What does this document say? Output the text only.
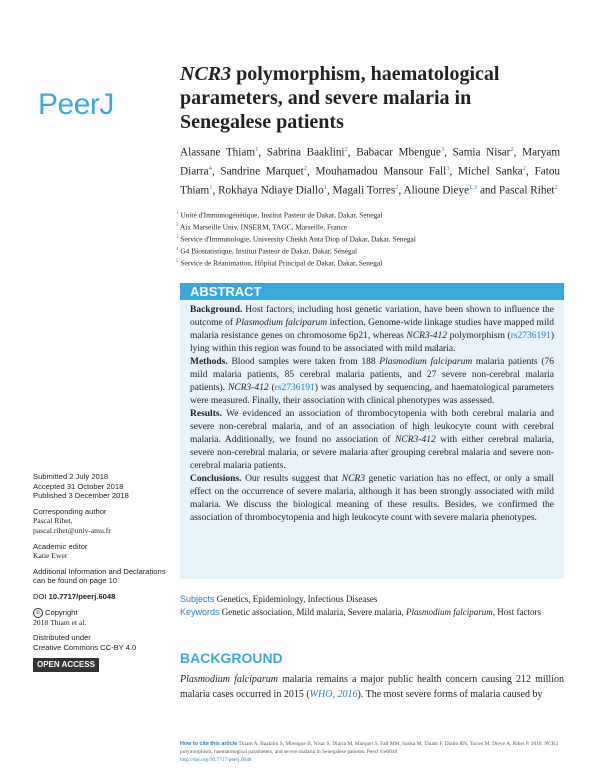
PeerJ
NCR3 polymorphism, haematological parameters, and severe malaria in Senegalese patients
Alassane Thiam$^1$, Sabrina Baaklini$^2$, Babacar Mbengue$^3$, Samia Nisar$^2$, Maryam Diarra$^4$, Sandrine Marquet$^2$, Mouhamadou Mansour Fall$^3$, Michel Sanka$^2$, Fatou Thiam$^1$, Rokhaya Ndiaye Diallo$^1$, Magali Torres$^2$, Alioune Dieye$^{1,3}$ and Pascal Rihet$^2$
$^1$ Unité d'Immunogénétique, Institut Pasteur de Dakar, Dakar, Senegal
$^2$ Aix Marseille Univ, INSERM, TAGC, Marseille, France
$^3$ Service d'Immunologie, University Cheikh Anta Diop of Dakar, Dakar, Senegal
$^4$ G4 Biostatistique, Institut Pasteur de Dakar, Dakar, Sénégal
$^5$ Service de Réanimation, Hôpital Principal de Dakar, Dakar, Senegal
ABSTRACT

Background. Host factors, including host genetic variation, have been shown to influence the outcome of Plasmodium falciparum infection. Genome-wide linkage studies have mapped mild malaria resistance genes on chromosome 6p21, whereas NCR3-412 polymorphism (rs2736191) lying within this region was found to be associated with mild malaria.

Methods. Blood samples were taken from 188 Plasmodium falciparum malaria patients (76 mild malaria patients, 85 cerebral malaria patients, and 27 severe non-cerebral malaria patients). NCR3-412 (rs2736191) was analysed by sequencing, and haematological parameters were measured. Finally, their association with clinical phenotypes was assessed.

Results. We evidenced an association of thrombocytopenia with both cerebral malaria and severe non-cerebral malaria, and of an association of high leukocyte count with cerebral malaria. Additionally, we found no association of NCR3-412 with either cerebral malaria, severe non-cerebral malaria, or severe malaria after grouping cerebral malaria and severe non-cerebral malaria patients.

Conclusions. Our results suggest that NCR3 genetic variation has no effect, or only a small effect on the occurrence of severe malaria, although it has been strongly associated with mild malaria. We discuss the biological meaning of these results. Besides, we confirmed the association of thrombocytopenia and high leukocyte count with severe malaria phenotypes.

Subjects Genetics, Epidemiology, Infectious Diseases
Keywords Genetic association, Mild malaria, Severe malaria, Plasmodium falciparum, Host factors
Submitted 2 July 2018
Accepted 31 October 2018
Published 3 December 2018
Corresponding author
Pascal Rihet,
pascal.rihet@univ-amu.fr
Academic editor
Katie Ewer
Additional Information and Declarations can be found on page 10
DOI 10.7717/peerj.6048
© Copyright
2018 Thiam et al.
Distributed under
Creative Commons CC-BY 4.0
OPEN ACCESS	BACKGROUND
Plasmodium falciparum malaria remains a major public health concern causing 212 million malaria cases occurred in 2015 (WHO, 2016). The most severe forms of malaria caused by
How to cite this article Thiam A, Baaklini S, Mbengue B, Nisar S, Diarra M, Marquet S, Fall MM, Sanka M, Thiam F, Diallo RN, Torres M, Dieye A, Rihet P. 2018. NCR3 polymorphism, haematological parameters, and severe malaria in Senegalese patients. PeerJ 6:e6048
http://doi.org/10.7717/peerj.6048
